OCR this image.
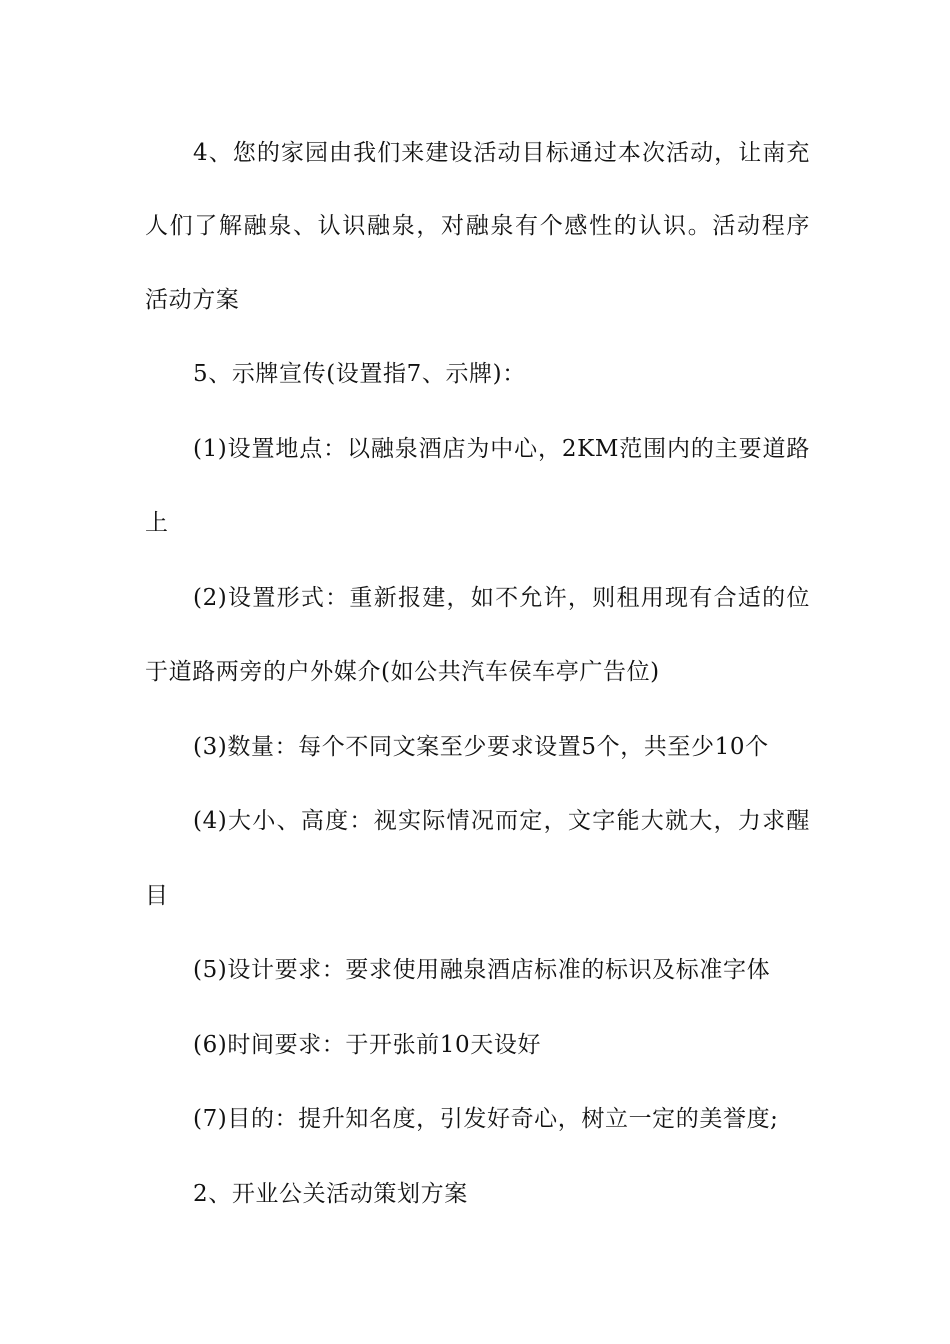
4、您的家园由我们来建设活动目标通过本次活动，让南充
人们了解融泉、认识融泉，对融泉有个感性的认识。活动程序
活动方案
5、示牌宣传(设置指7、示牌)：
(1)设置地点：以融泉酒店为中心，2KM范围内的主要道路
上
(2)设置形式：重新报建，如不允许，则租用现有合适的位
于道路两旁的户外媒介(如公共汽车侯车亭广告位)
(3)数量：每个不同文案至少要求设置5个，共至少10个
(4)大小、高度：视实际情况而定，文字能大就大，力求醒
目
(5)设计要求：要求使用融泉酒店标准的标识及标准字体
(6)时间要求：于开张前10天设好
(7)目的：提升知名度，引发好奇心，树立一定的美誉度;
2、开业公关活动策划方案
